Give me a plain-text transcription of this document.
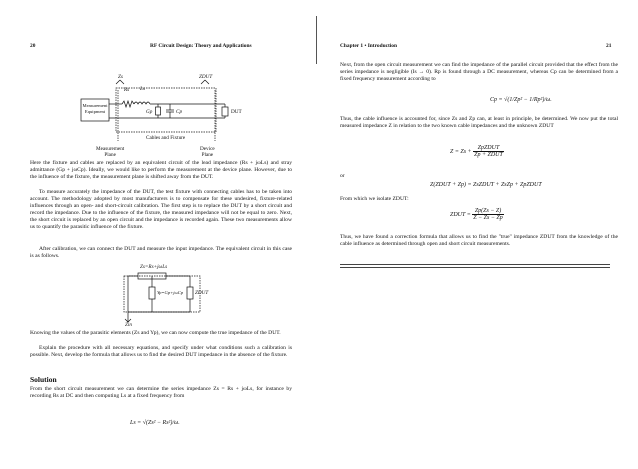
20	RF Circuit Design: Theory and Applications
Zs
Rs Ls
ZDUT
Gp	Cp	DUT
Measurement
Equipment
Cables and Fixture
Measurement
Plane
Device
Plane

Here the fixture and cables are replaced by an equivalent circuit of the lead impedance (Rs + jωLs) and stray admittance (Gp + jωCp). Ideally, we would like to perform the measurement at the device plane. However, due to the influence of the fixture, the measurement plane is shifted away from the DUT.

To measure accurately the impedance of the DUT, the test fixture with connecting cables has to be taken into account. The methodology adopted by most manufacturers is to compensate for these undesired, fixture-related influences through an open- and short-circuit calibration. The first step is to replace the DUT by a short circuit and record the impedance. Due to the influence of the fixture, the measured impedance will not be equal to zero. Next, the short circuit is replaced by an open circuit and the impedance is recorded again. These two measurements allow us to quantify the parasitic influence of the fixture.

After calibration, we can connect the DUT and measure the input impedance. The equivalent circuit in this case is as follows.

Zs=Rs+jωLs
Yp=Gp+jωCp ZDUT
Zin

Knowing the values of the parasitic elements (Zs and Yp), we can now compute the true impedance of the DUT.

Explain the procedure with all necessary equations, and specify under what conditions such a calibration is possible. Next, develop the formula that allows us to find the desired DUT impedance in the absence of the fixture.

Solution

From the short circuit measurement we can determine the series impedance Zs = Rs + jωLs, for instance by recording Rs at DC and then computing Ls at a fixed frequency from

Ls = √(Zs² − Rs²)/ω.
Chapter 1 • Introduction	21

Next, from the open circuit measurement we can find the impedance of the parallel circuit provided that the effect from the series impedance is negligible (Is → 0). Rp is found through a DC measurement, whereas Cp can be determined from a fixed frequency measurement according to

Cp = √(1/Zp² − 1/Rp²)/ω.

Thus, the cable influence is accounted for, since Zs and Zp can, at least in principle, be determined. We now put the total measured impedance Z in relation to the two known cable impedances and the unknown ZDUT

$Z = Zs + \frac{\text{ZpZDUT}}{\text{Zp + ZDUT}}$
or
Z(ZDUT + Zp) = ZsZDUT + ZsZp + ZpZDUT
From which we isolate ZDUT:
ZDUT = $\frac{Zp(Zs - Z)}{Z - Zs - Zp}$

Thus, we have found a correction formula that allows us to find the "true" impedance ZDUT from the knowledge of the cable influence as determined through open and short circuit measurements.
